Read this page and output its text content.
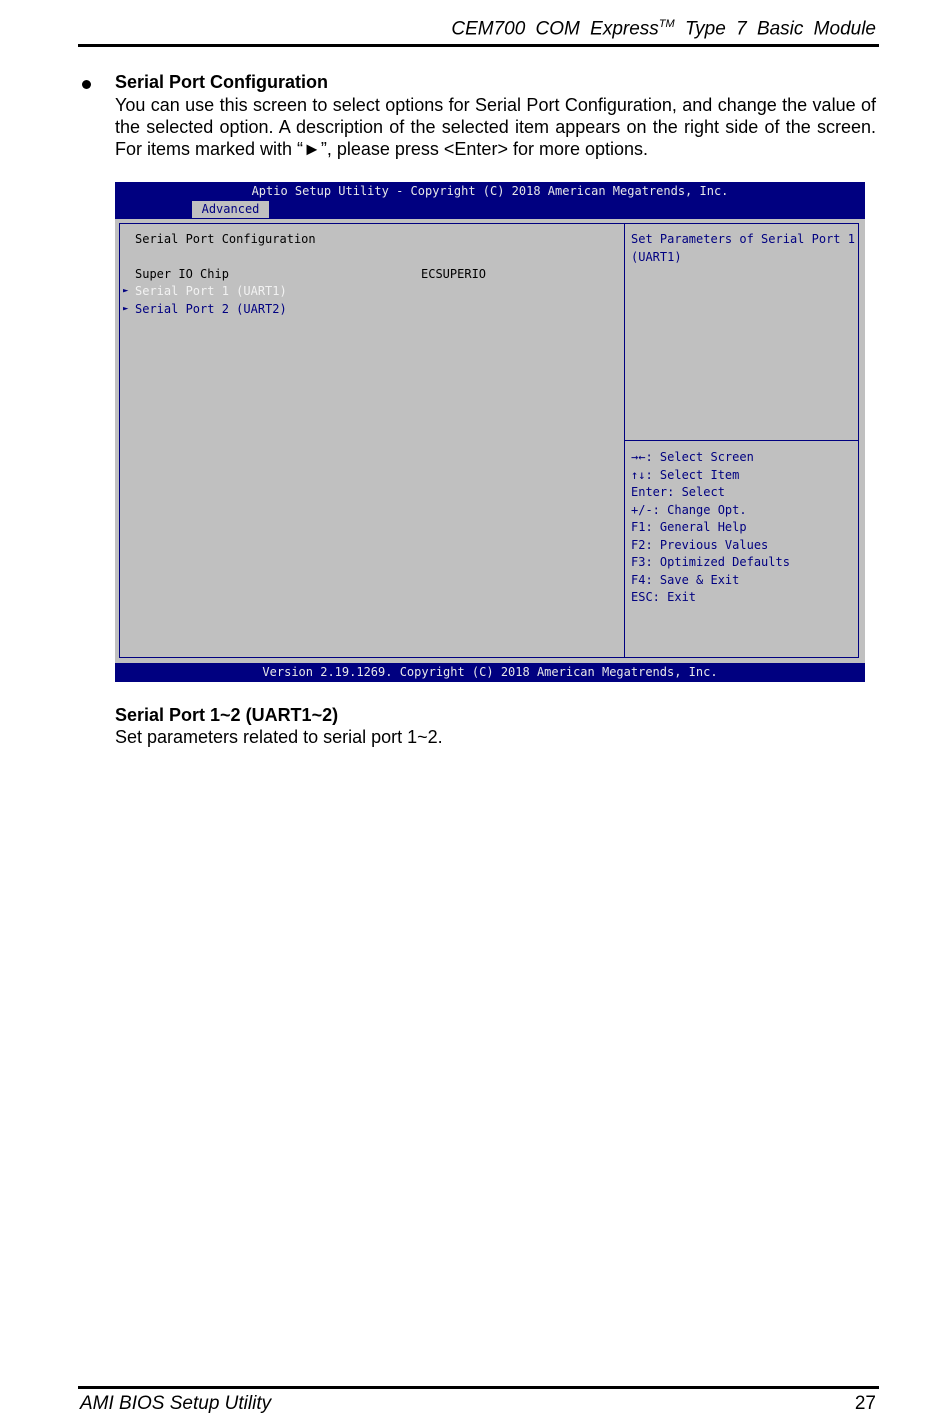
CEM700 COM Express™ Type 7 Basic Module
Serial Port Configuration
You can use this screen to select options for Serial Port Configuration, and change the value of the selected option. A description of the selected item appears on the right side of the screen. For items marked with “►”, please press <Enter> for more options.
Aptio Setup Utility - Copyright (C) 2018 American Megatrends, Inc.
Advanced
Serial Port Configuration
Super IO Chip	ECSUPERIO
► Serial Port 1 (UART1)
► Serial Port 2 (UART2)
Set Parameters of Serial Port 1 (UART1)
→←: Select Screen
↑↓: Select Item
Enter: Select
+/-: Change Opt.
F1: General Help
F2: Previous Values
F3: Optimized Defaults
F4: Save & Exit
ESC: Exit
Version 2.19.1269. Copyright (C) 2018 American Megatrends, Inc.
Serial Port 1~2 (UART1~2)
Set parameters related to serial port 1~2.
AMI BIOS Setup Utility	27
